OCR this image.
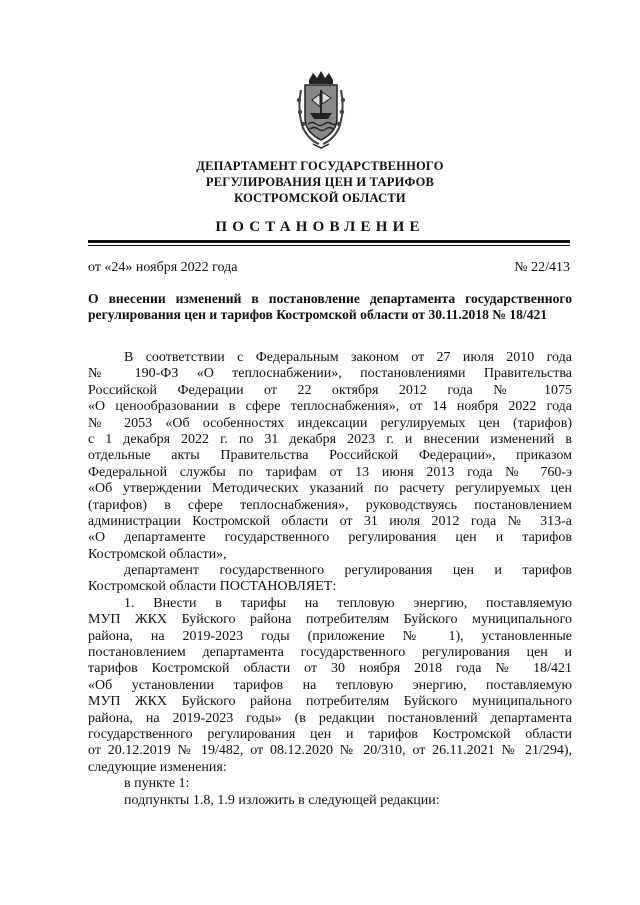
ДЕПАРТАМЕНТ ГОСУДАРСТВЕННОГО
РЕГУЛИРОВАНИЯ ЦЕН И ТАРИФОВ
КОСТРОМСКОЙ ОБЛАСТИ
ПОСТАНОВЛЕНИЕ
от «24» ноября 2022 года	№ 22/413
О внесении изменений в постановление департамента государственного
регулирования цен и тарифов Костромской области от 30.11.2018 № 18/421
В соответствии с Федеральным законом от 27 июля 2010 года
№ 190-ФЗ «О теплоснабжении», постановлениями Правительства
Российской Федерации от 22 октября 2012 года № 1075
«О ценообразовании в сфере теплоснабжения», от 14 ноября 2022 года
№ 2053 «Об особенностях индексации регулируемых цен (тарифов)
с 1 декабря 2022 г. по 31 декабря 2023 г. и внесении изменений в
отдельные акты Правительства Российской Федерации», приказом
Федеральной службы по тарифам от 13 июня 2013 года № 760-э
«Об утверждении Методических указаний по расчету регулируемых цен
(тарифов) в сфере теплоснабжения», руководствуясь постановлением
администрации Костромской области от 31 июля 2012 года № 313-а
«О департаменте государственного регулирования цен и тарифов
Костромской области»,
департамент государственного регулирования цен и тарифов
Костромской области ПОСТАНОВЛЯЕТ:
1. Внести в тарифы на тепловую энергию, поставляемую
МУП ЖКХ Буйского района потребителям Буйского муниципального
района, на 2019-2023 годы (приложение № 1), установленные
постановлением департамента государственного регулирования цен и
тарифов Костромской области от 30 ноября 2018 года № 18/421
«Об установлении тарифов на тепловую энергию, поставляемую
МУП ЖКХ Буйского района потребителям Буйского муниципального
района, на 2019-2023 годы» (в редакции постановлений департамента
государственного регулирования цен и тарифов Костромской области
от 20.12.2019 № 19/482, от 08.12.2020 № 20/310, от 26.11.2021 № 21/294),
следующие изменения:
в пункте 1:
подпункты 1.8, 1.9 изложить в следующей редакции:
